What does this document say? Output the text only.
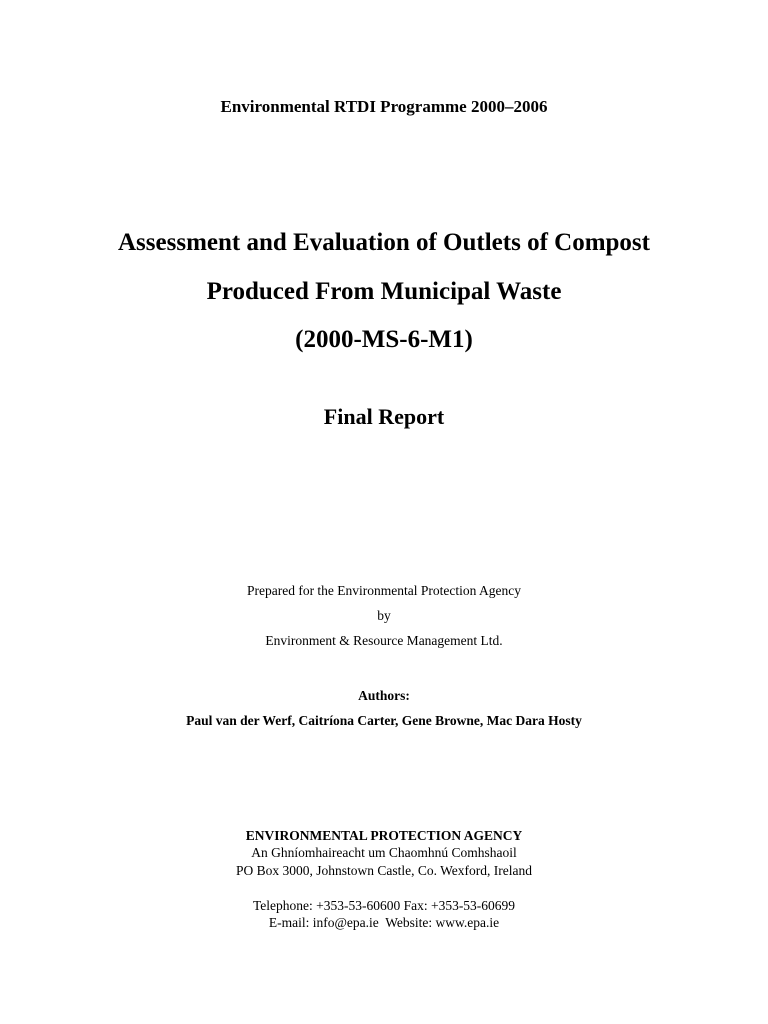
Environmental RTDI Programme 2000–2006
Assessment and Evaluation of Outlets of Compost
Produced From Municipal Waste
(2000-MS-6-M1)
Final Report
Prepared for the Environmental Protection Agency
by
Environment & Resource Management Ltd.
Authors:
Paul van der Werf, Caitríona Carter, Gene Browne, Mac Dara Hosty
ENVIRONMENTAL PROTECTION AGENCY
An Ghníomhaireacht um Chaomhnú Comhshaoil
PO Box 3000, Johnstown Castle, Co. Wexford, Ireland
Telephone: +353-53-60600 Fax: +353-53-60699
E-mail: info@epa.ie  Website: www.epa.ie
